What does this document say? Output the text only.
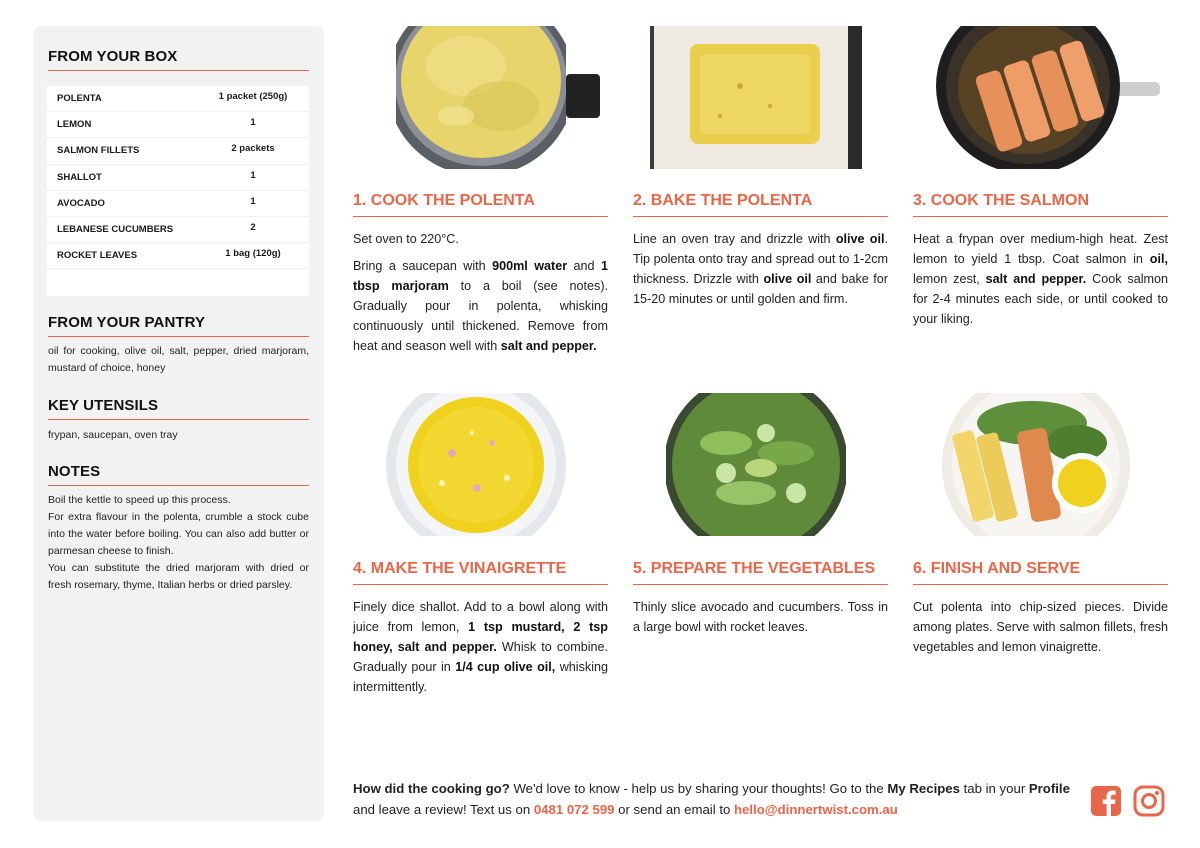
FROM YOUR BOX
POLENTA	1 packet (250g)
LEMON	1
SALMON FILLETS	2 packets
SHALLOT	1
AVOCADO	1
LEBANESE CUCUMBERS	2
ROCKET LEAVES	1 bag (120g)
FROM YOUR PANTRY
oil for cooking, olive oil, salt, pepper, dried marjoram, mustard of choice, honey
KEY UTENSILS
frypan, saucepan, oven tray
NOTES
Boil the kettle to speed up this process.
For extra flavour in the polenta, crumble a stock cube into the water before boiling. You can also add butter or parmesan cheese to finish.
You can substitute the dried marjoram with dried or fresh rosemary, thyme, Italian herbs or dried parsley.
1. COOK THE POLENTA

Set oven to 220°C.

Bring a saucepan with 900ml water and 1 tbsp marjoram to a boil (see notes). Gradually pour in polenta, whisking continuously until thickened. Remove from heat and season well with salt and pepper.

2. BAKE THE POLENTA

Line an oven tray and drizzle with olive oil. Tip polenta onto tray and spread out to 1-2cm thickness. Drizzle with olive oil and bake for 15-20 minutes or until golden and firm.

3. COOK THE SALMON

Heat a frypan over medium-high heat. Zest lemon to yield 1 tbsp. Coat salmon in oil, lemon zest, salt and pepper. Cook salmon for 2-4 minutes each side, or until cooked to your liking.

4. MAKE THE VINAIGRETTE

Finely dice shallot. Add to a bowl along with juice from lemon, 1 tsp mustard, 2 tsp honey, salt and pepper. Whisk to combine. Gradually pour in 1/4 cup olive oil, whisking intermittently.

5. PREPARE THE VEGETABLES

Thinly slice avocado and cucumbers. Toss in a large bowl with rocket leaves.

6. FINISH AND SERVE

Cut polenta into chip-sized pieces. Divide among plates. Serve with salmon fillets, fresh vegetables and lemon vinaigrette.

How did the cooking go? We'd love to know - help us by sharing your thoughts! Go to the My Recipes tab in your Profile and leave a review! Text us on 0481 072 599 or send an email to hello@dinnertwist.com.au
